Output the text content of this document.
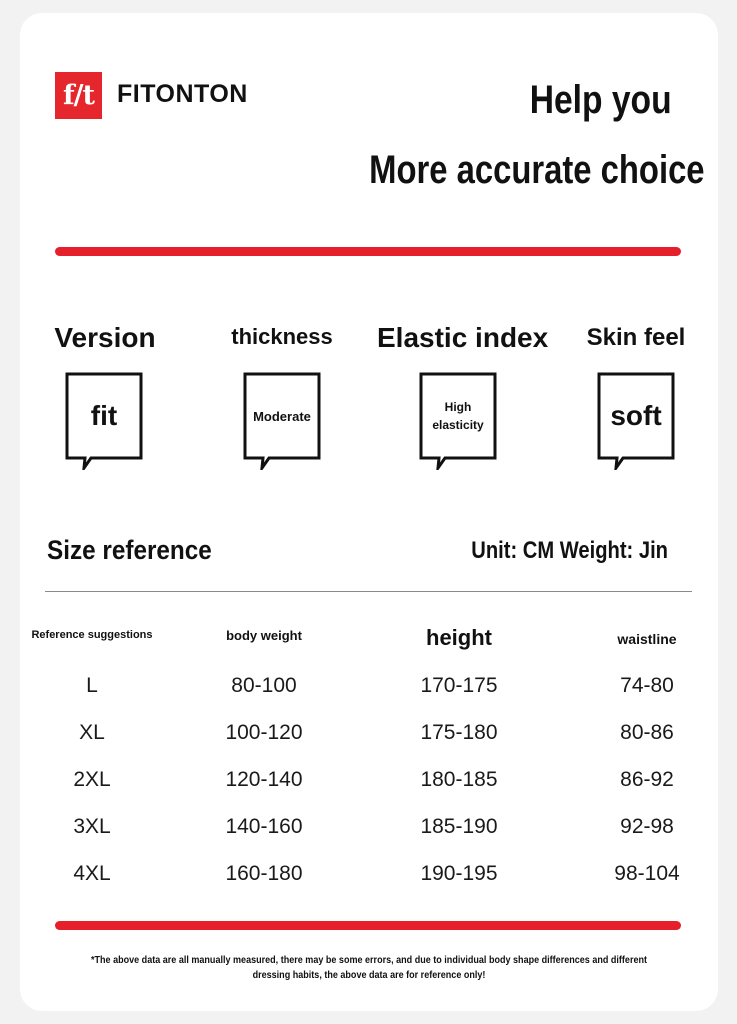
f/t FITONTON	Help you
More accurate choice
Version	thickness	Elastic index	Skin feel
fit	Moderate
High elasticity	soft
Size reference	Unit: CM Weight: Jin
Reference suggestions	body weight	height	waistline
L	80-100	170-175	74-80
XL	100-120	175-180	80-86
2XL	120-140	180-185	86-92
3XL	140-160	185-190	92-98
4XL	160-180	190-195	98-104
*The above data are all manually measured, there may be some errors, and due to individual body shape differences and different dressing habits, the above data are for reference only!
